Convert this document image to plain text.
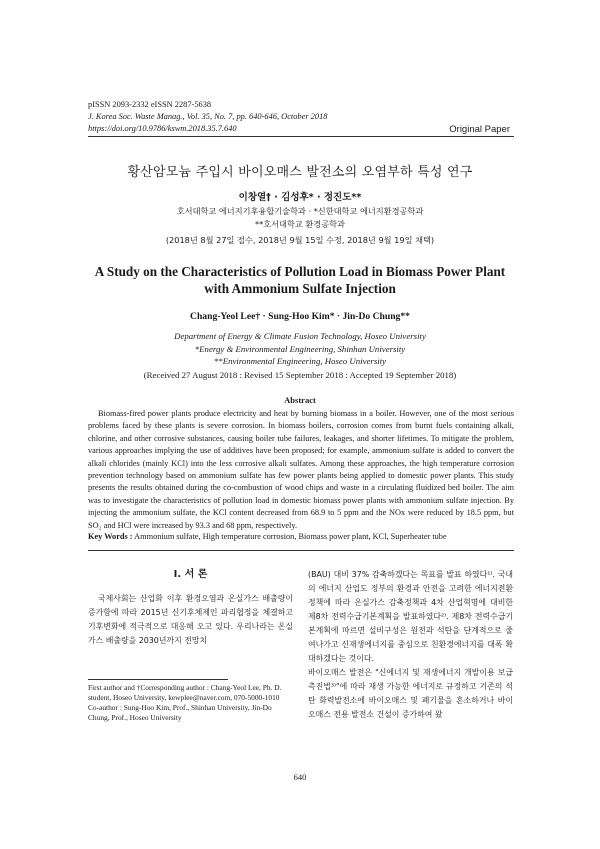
pISSN 2093-2332 eISSN 2287-5638
J. Korea Soc. Waste Manag., Vol. 35, No. 7, pp. 640-646, October 2018
https://doi.org/10.9786/kswm.2018.35.7.640	Original Paper
황산암모늄 주입시 바이오매스 발전소의 오염부하 특성 연구
이창열† · 김성후* · 정진도**
호서대학교 에너지기후융합기술학과 · *신한대학교 에너지환경공학과
**호서대학교 환경공학과
(2018년 8월 27일 접수, 2018년 9월 15일 수정, 2018년 9월 19일 채택)
A Study on the Characteristics of Pollution Load in Biomass Power Plant
with Ammonium Sulfate Injection
Chang-Yeol Lee† · Sung-Hoo Kim* · Jin-Do Chung**
Department of Energy & Climate Fusion Technology, Hoseo University
*Energy & Environmental Engineering, Shinhan University
**Environmental Engineering, Hoseo University
(Received 27 August 2018 : Revised 15 September 2018 : Accepted 19 September 2018)
Abstract
Biomass-fired power plants produce electricity and heat by burning biomass in a boiler. However, one of the most serious problems faced by these plants is severe corrosion. In biomass boilers, corrosion comes from burnt fuels containing alkali, chlorine, and other corrosive substances, causing boiler tube failures, leakages, and shorter lifetimes. To mitigate the problem, various approaches implying the use of additives have been proposed; for example, ammonium sulfate is added to convert the alkali chlorides (mainly KCl) into the less corrosive alkali sulfates. Among these approaches, the high temperature corrosion prevention technology based on ammonium sulfate has few power plants being applied to domestic power plants. This study presents the results obtained during the co-combustion of wood chips and waste in a circulating fluidized bed boiler. The aim was to investigate the characteristics of pollution load in domestic biomass power plants with ammonium sulfate injection. By injecting the ammonium sulfate, the KCl content decreased from 68.9 to 5 ppm and the NOx were reduced by 18.5 ppm, but SO₂ and HCl were increased by 93.3 and 68 ppm, respectively.
Key Words : Ammonium sulfate, High temperature corrosion, Biomass power plant, KCl, Superheater tube
I. 서 론
국제사회는 산업화 이후 환경오염과 온실가스 배출량이 증가함에 따라 2015년 신기후체제인 파리협정을 체결하고 기후변화에 적극적으로 대응해 오고 있다. 우리나라는 온실가스 배출량을 2030년까지 전망치
First author and †Corresponding author : Chang-Yeol Lee, Ph. D. student, Hoseo University, kewplee@naver.com, 070-5000-1010
Co-author : Sung-Hoo Kim, Prof., Shinhan University, Jin-Do Chung, Prof., Hoseo University
(BAU) 대비 37% 감축하겠다는 목표를 발표 하였다¹⁾. 국내의 에너지 산업도 정부의 환경과 안전을 고려한 에너지전환 정책에 따라 온실가스 감축정책과 4차 산업혁명에 대비한 제8차 전력수급기본계획을 발표하였다²⁾. 제8차 전력수급기본계획에 따르면 설비구성은 원전과 석탄을 단계적으로 줄여나가고 신재생에너지를 중심으로 친환경에너지를 대폭 확대하겠다는 것이다.
바이오매스 발전은 "신에너지 및 재생에너지 개발이용 보급 촉진법³⁾"에 따라 재생 가능한 에너지로 규정하고 기존의 석탄 화력발전소에 바이오매스 및 폐기물을 혼소하거나 바이오매스 전용 발전소 건설이 증가하여 왔
640
